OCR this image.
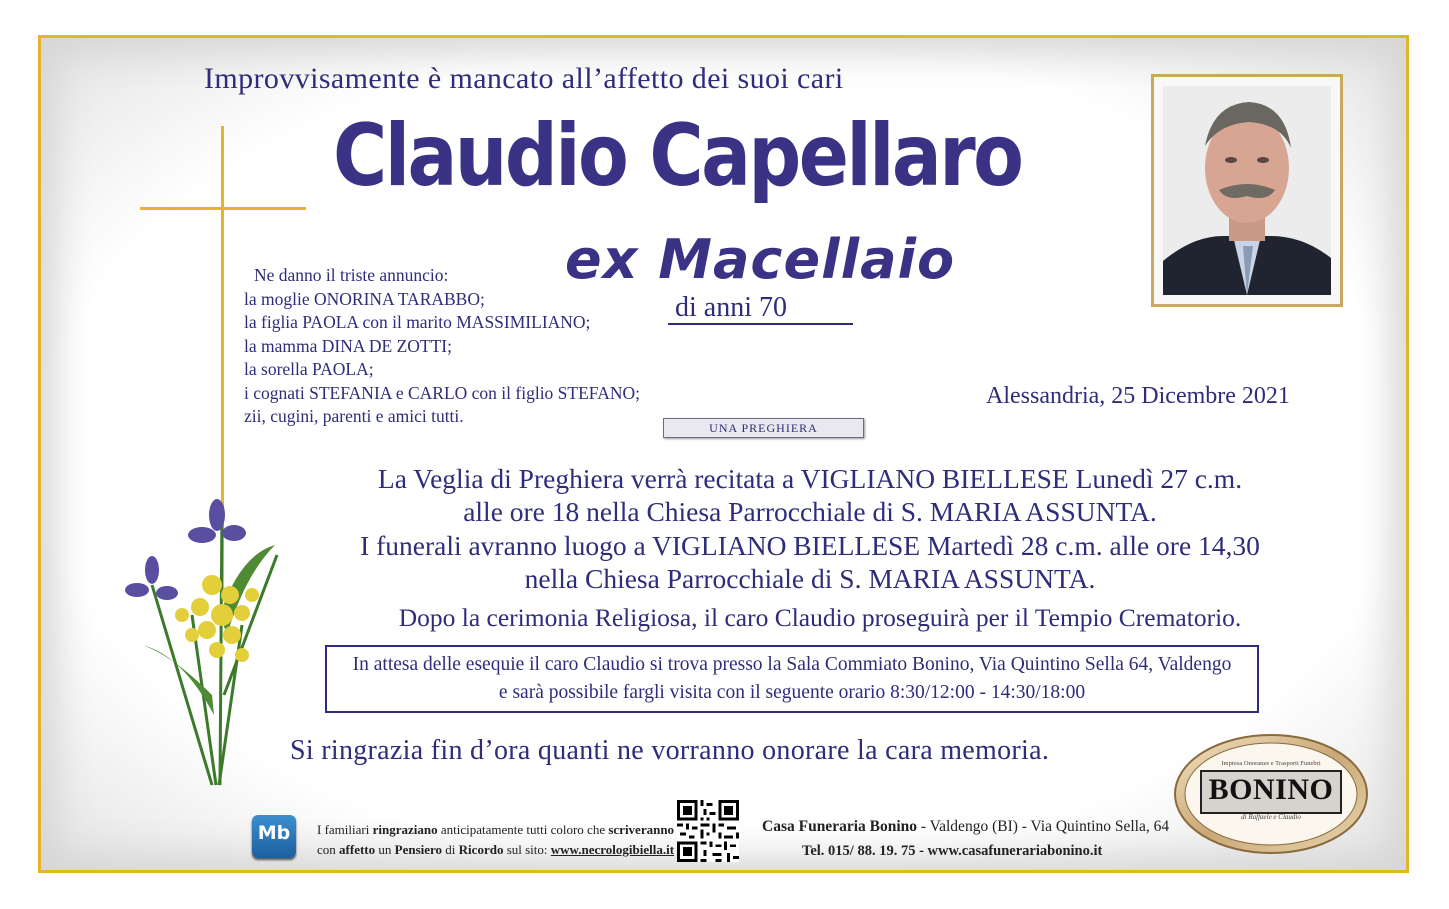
Improvvisamente è mancato all’affetto dei suoi cari
Claudio Capellaro
ex Macellaio
di anni 70
Ne danno il triste annuncio:
la moglie ONORINA TARABBO;
la figlia PAOLA con il marito MASSIMILIANO;
la mamma DINA DE ZOTTI;
la sorella PAOLA;
i cognati STEFANIA e CARLO con il figlio STEFANO;
zii, cugini, parenti e amici tutti.
Alessandria, 25 Dicembre 2021
UNA PREGHIERA
La Veglia di Preghiera verrà recitata a VIGLIANO BIELLESE Lunedì 27 c.m.
alle ore 18 nella Chiesa Parrocchiale di S. MARIA ASSUNTA.
I funerali avranno luogo a VIGLIANO BIELLESE Martedì 28 c.m. alle ore 14,30
nella Chiesa Parrocchiale di S. MARIA ASSUNTA.
Dopo la cerimonia Religiosa, il caro Claudio proseguirà per il Tempio Crematorio.
In attesa delle esequie il caro Claudio si trova presso la Sala Commiato Bonino, Via Quintino Sella 64, Valdengo
e sarà possibile fargli visita con il seguente orario 8:30/12:00 - 14:30/18:00
Si ringrazia fin d’ora quanti ne vorranno onorare la cara memoria.
Mb	I familiari ringraziano anticipatamente tutti coloro che scriveranno
con affetto un Pensiero di Ricordo sul sito: www.necrologibiella.it
Casa Funeraria Bonino - Valdengo (BI) - Via Quintino Sella, 64
Tel. 015/ 88. 19. 75 - www.casafunerariabonino.it
Impresa Onoranze e Trasporti Funebri
BONINO
di Raffaele e Claudio
